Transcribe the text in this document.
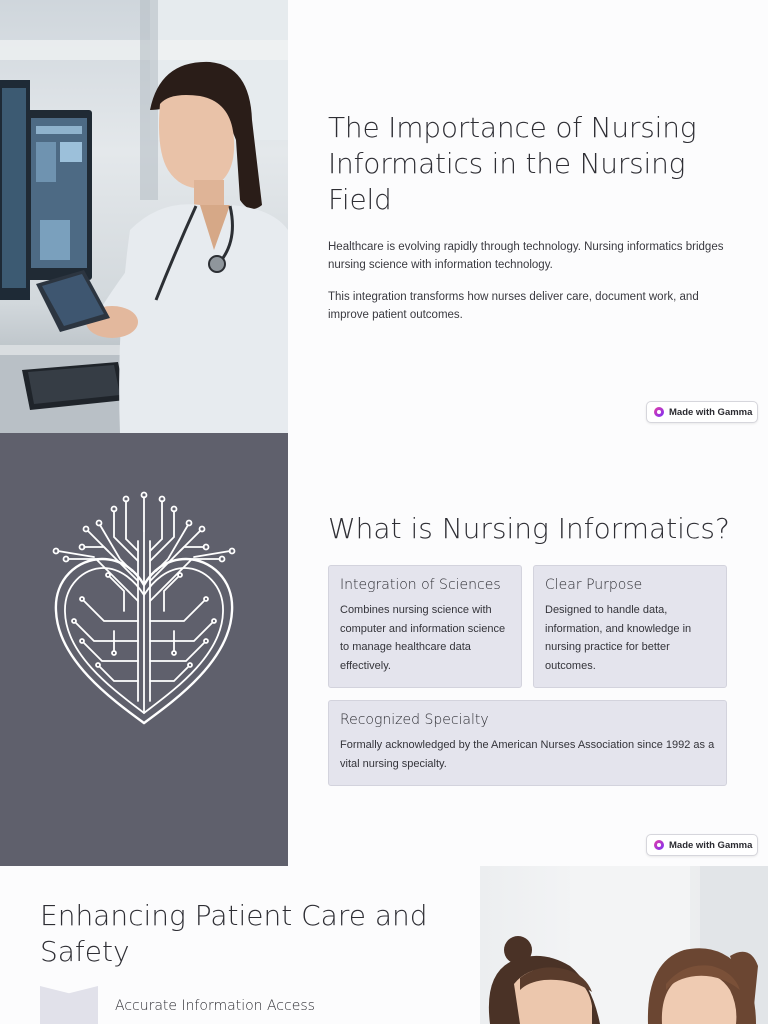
The Importance of Nursing Informatics in the Nursing Field

Healthcare is evolving rapidly through technology. Nursing informatics bridges nursing science with information technology.

This integration transforms how nurses deliver care, document work, and improve patient outcomes.

Made with Gamma
What is Nursing Informatics?
Integration of Sciences
Combines nursing science with computer and information science to manage healthcare data effectively.
Clear Purpose
Designed to handle data, information, and knowledge in nursing practice for better outcomes.
Recognized Specialty
Formally acknowledged by the American Nurses Association since 1992 as a vital nursing specialty.
Made with Gamma
Enhancing Patient Care and Safety
Accurate Information Access
